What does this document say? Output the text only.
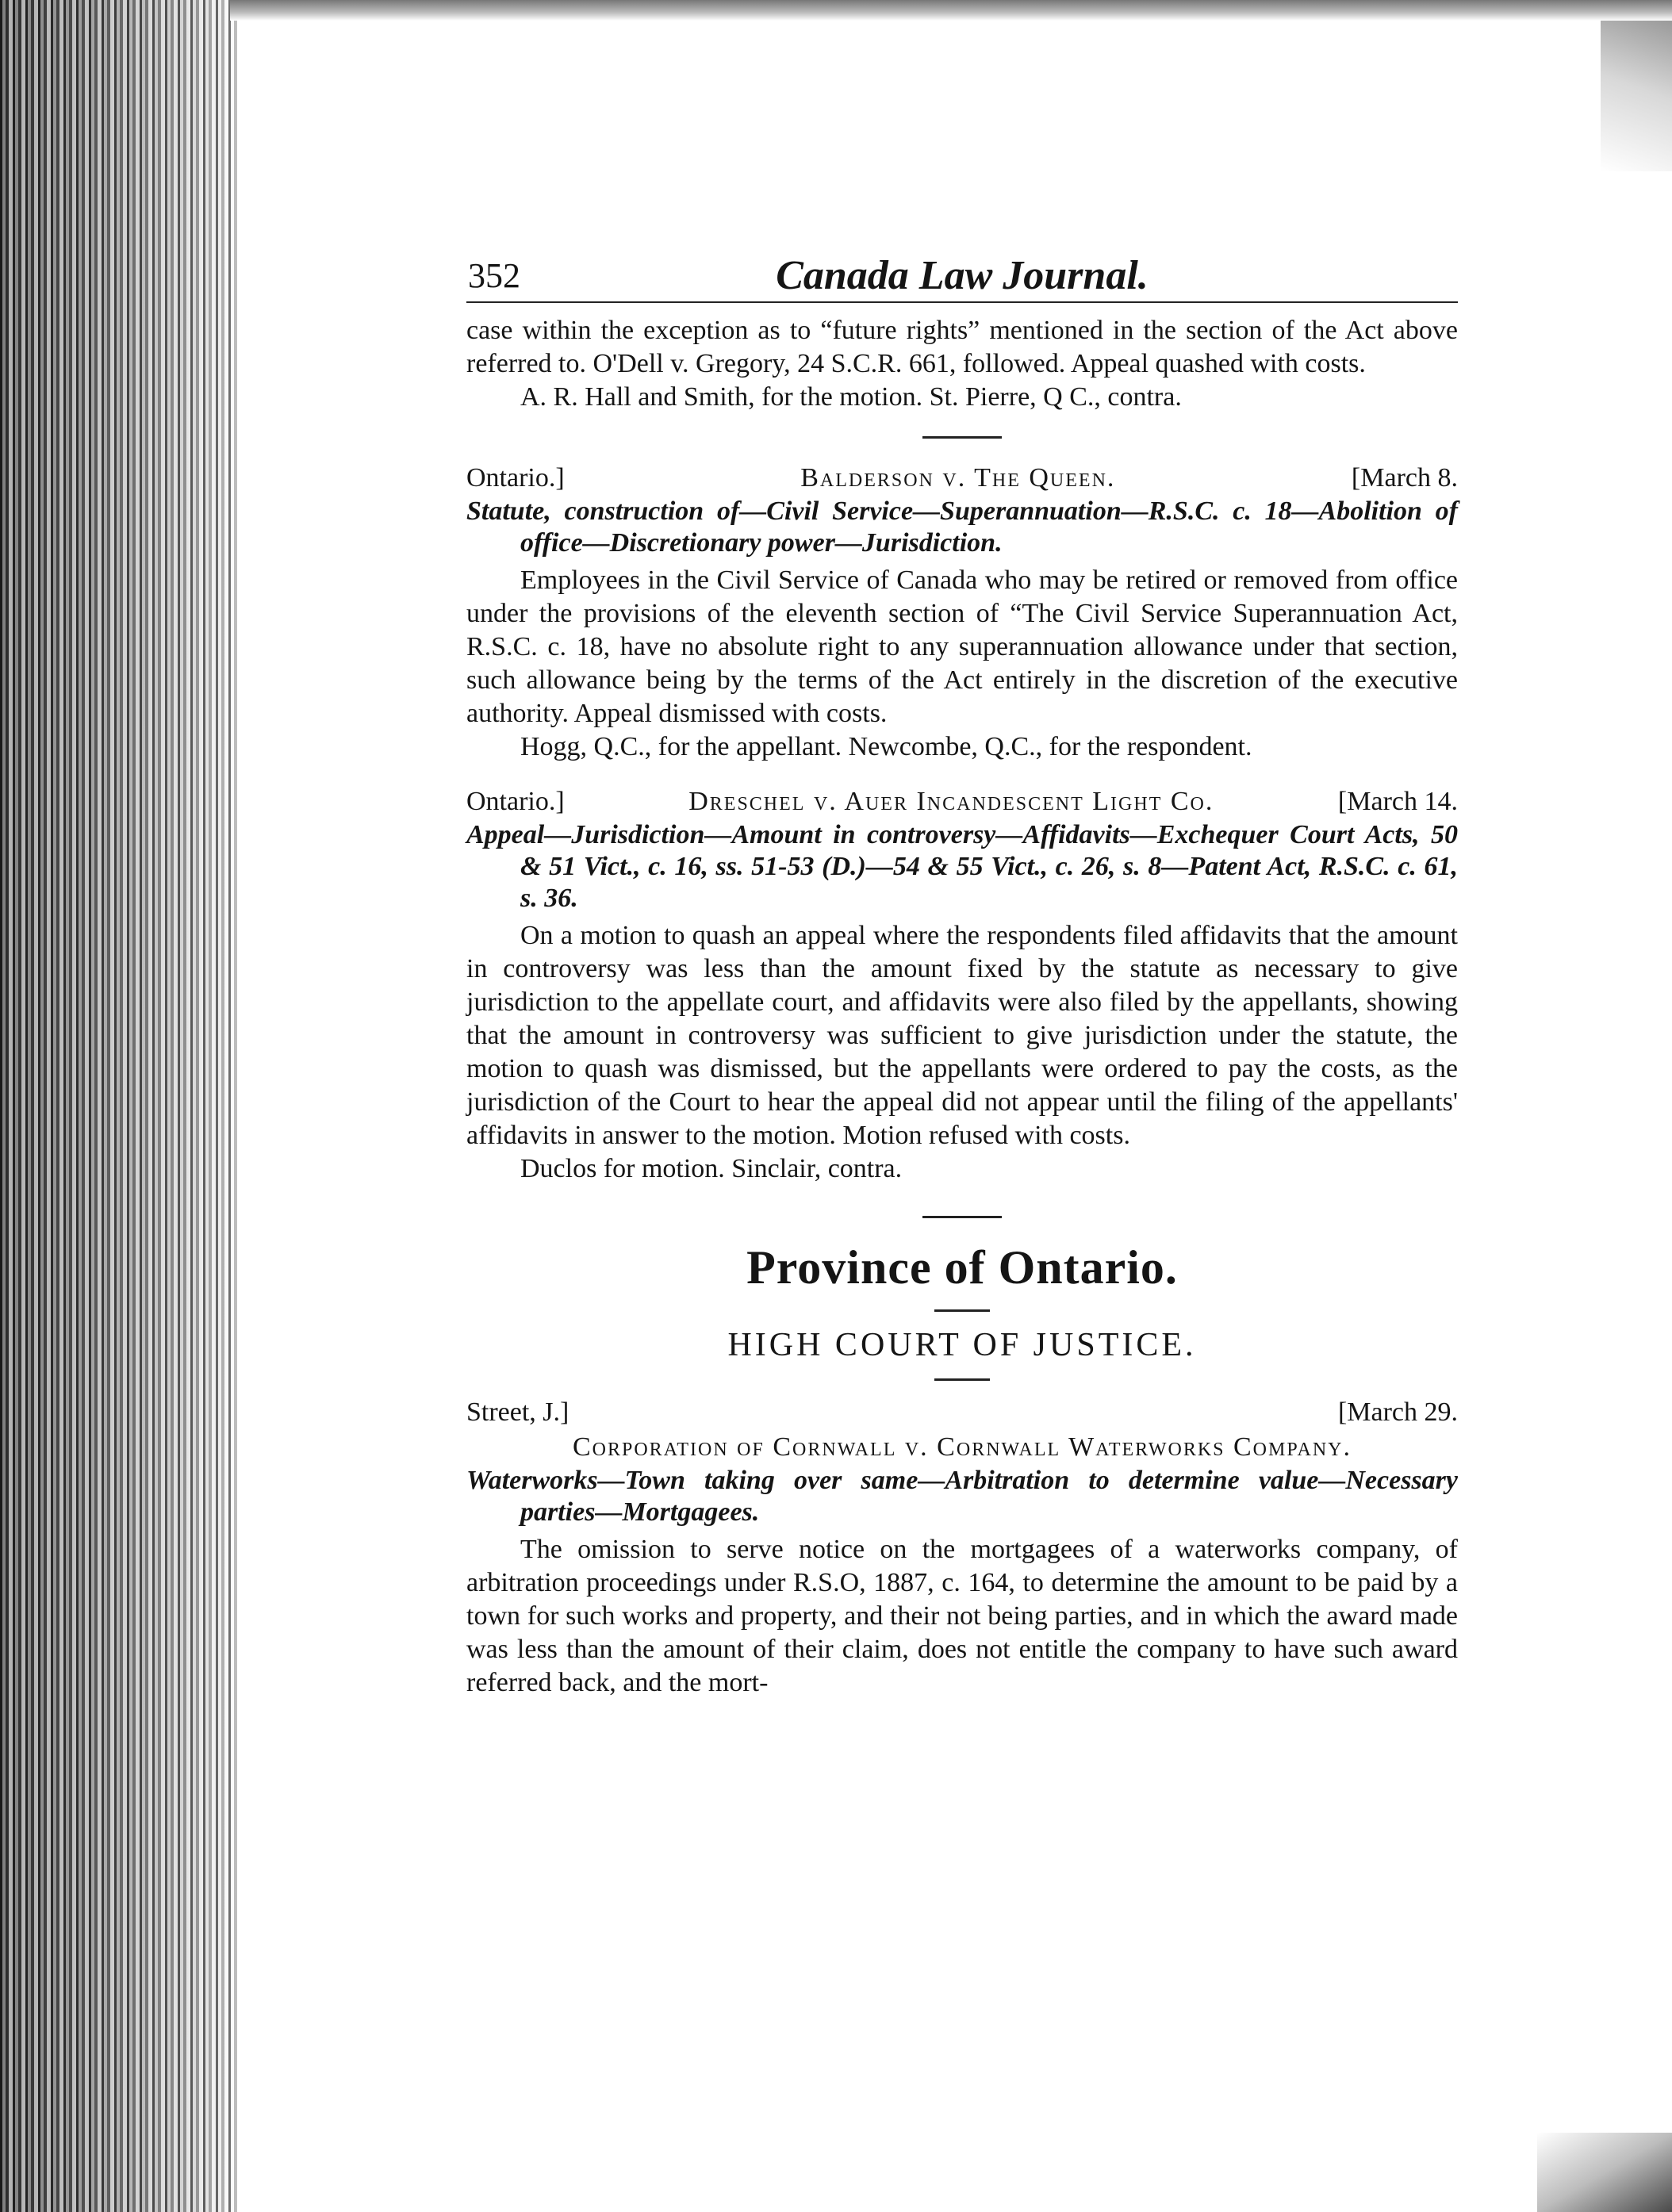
352	Canada Law Journal.

case within the exception as to “future rights” mentioned in the section of the Act above referred to. O'Dell v. Gregory, 24 S.C.R. 661, followed. Appeal quashed with costs.

A. R. Hall and Smith, for the motion. St. Pierre, Q C., contra.

Ontario.]	Balderson v. The Queen.	[March 8.

Statute, construction of—Civil Service—Superannuation—R.S.C. c. 18—Abolition of office—Discretionary power—Jurisdiction.

Employees in the Civil Service of Canada who may be retired or removed from office under the provisions of the eleventh section of “The Civil Service Superannuation Act, R.S.C. c. 18, have no absolute right to any superannuation allowance under that section, such allowance being by the terms of the Act entirely in the discretion of the executive authority. Appeal dismissed with costs.

Hogg, Q.C., for the appellant. Newcombe, Q.C., for the respondent.

Ontario.]	Dreschel v. Auer Incandescent Light Co.	[March 14.

Appeal—Jurisdiction—Amount in controversy—Affidavits—Exchequer Court Acts, 50 & 51 Vict., c. 16, ss. 51-53 (D.)—54 & 55 Vict., c. 26, s. 8—Patent Act, R.S.C. c. 61, s. 36.

On a motion to quash an appeal where the respondents filed affidavits that the amount in controversy was less than the amount fixed by the statute as necessary to give jurisdiction to the appellate court, and affidavits were also filed by the appellants, showing that the amount in controversy was sufficient to give jurisdiction under the statute, the motion to quash was dismissed, but the appellants were ordered to pay the costs, as the jurisdiction of the Court to hear the appeal did not appear until the filing of the appellants' affidavits in answer to the motion. Motion refused with costs.

Duclos for motion. Sinclair, contra.

Province of Ontario.
HIGH COURT OF JUSTICE.
Street, J.]	[March 29.
Corporation of Cornwall v. Cornwall Waterworks Company.

Waterworks—Town taking over same—Arbitration to determine value—Necessary parties—Mortgagees.

The omission to serve notice on the mortgagees of a waterworks company, of arbitration proceedings under R.S.O, 1887, c. 164, to determine the amount to be paid by a town for such works and property, and their not being parties, and in which the award made was less than the amount of their claim, does not entitle the company to have such award referred back, and the mort-
